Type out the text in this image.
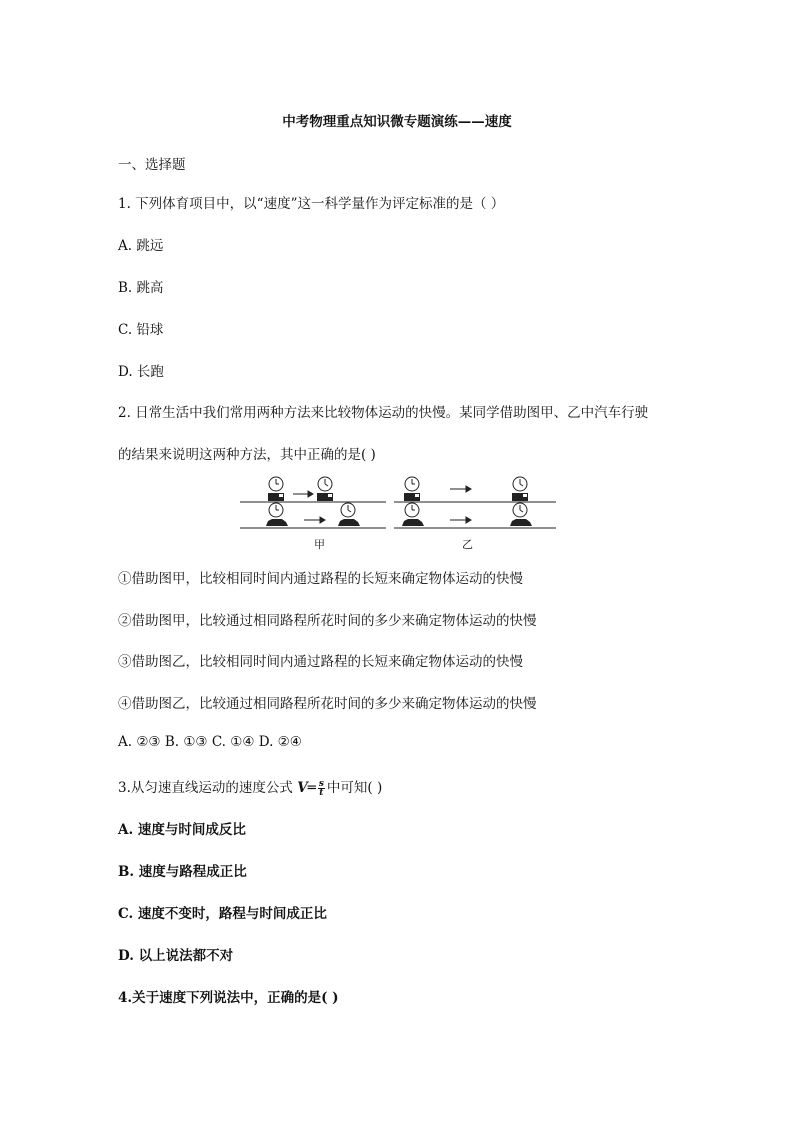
中考物理重点知识微专题演练——速度
一、选择题
1. 下列体育项目中，以“速度”这一科学量作为评定标准的是（ ）
A. 跳远
B. 跳高
C. 铅球
D. 长跑
2. 日常生活中我们常用两种方法来比较物体运动的快慢。某同学借助图甲、乙中汽车行驶
的结果来说明这两种方法，其中正确的是( )
甲	乙
①借助图甲，比较相同时间内通过路程的长短来确定物体运动的快慢
②借助图甲，比较通过相同路程所花时间的多少来确定物体运动的快慢
③借助图乙，比较相同时间内通过路程的长短来确定物体运动的快慢
④借助图乙，比较通过相同路程所花时间的多少来确定物体运动的快慢
A. ②③ B. ①③ C. ①④ D. ②④
3.从匀速直线运动的速度公式 V═ $\frac{s}{t}$ 中可知( )
A. 速度与时间成反比
B. 速度与路程成正比
C. 速度不变时，路程与时间成正比
D. 以上说法都不对
4.关于速度下列说法中，正确的是( )
